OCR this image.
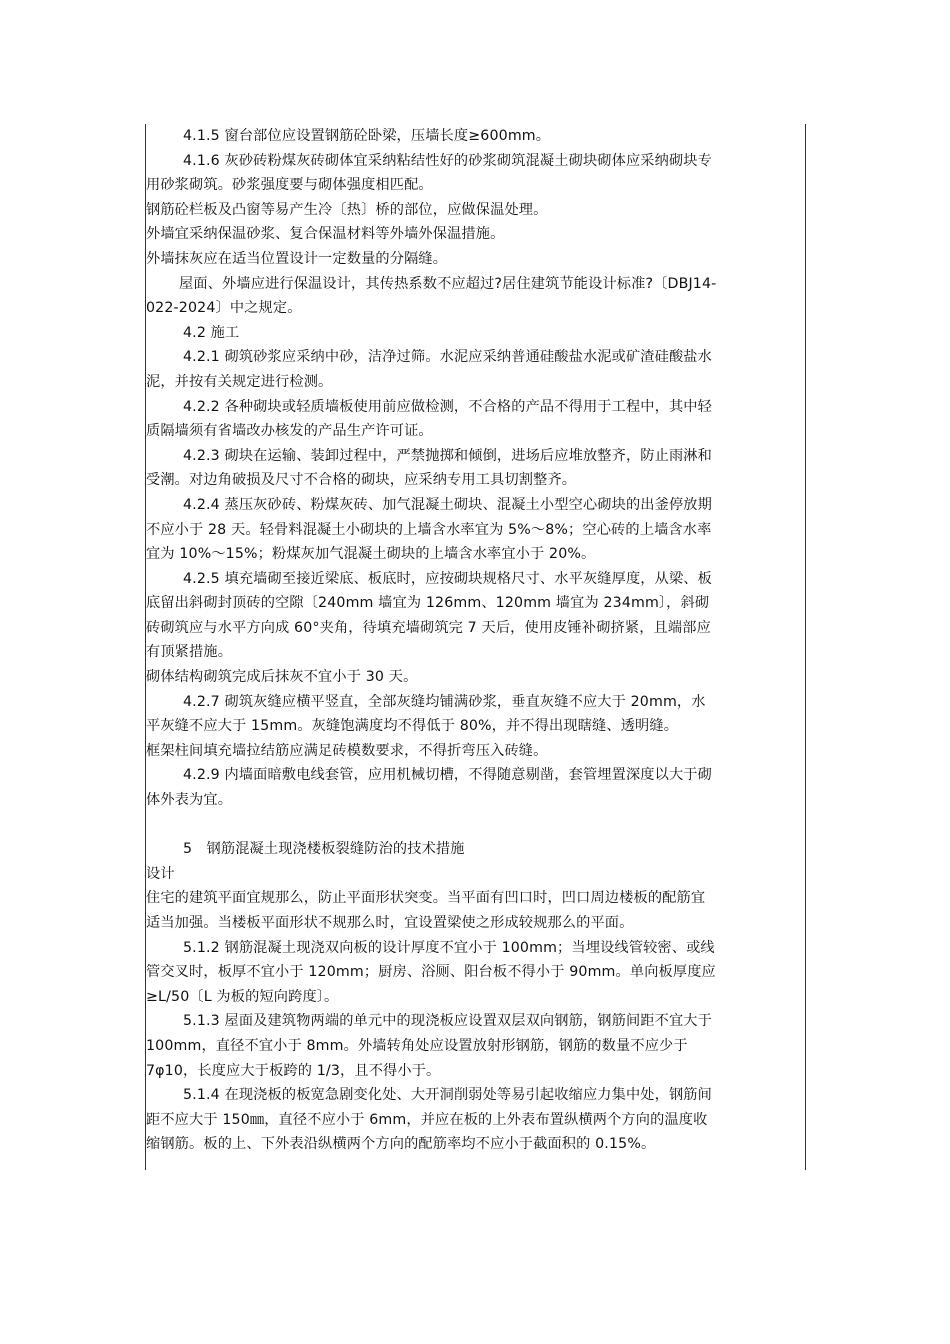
4.1.5 窗台部位应设置钢筋砼卧梁，压墙长度≥600mm。
4.1.6 灰砂砖粉煤灰砖砌体宜采纳粘结性好的砂浆砌筑混凝土砌块砌体应采纳砌块专
用砂浆砌筑。砂浆强度要与砌体强度相匹配。
钢筋砼栏板及凸窗等易产生冷〔热〕桥的部位，应做保温处理。
外墙宜采纳保温砂浆、复合保温材料等外墙外保温措施。
外墙抹灰应在适当位置设计一定数量的分隔缝。
屋面、外墙应进行保温设计，其传热系数不应超过?居住建筑节能设计标准?〔DBJ14-
022-2024〕中之规定。
4.2 施工
4.2.1 砌筑砂浆应采纳中砂，洁净过筛。水泥应采纳普通硅酸盐水泥或矿渣硅酸盐水
泥，并按有关规定进行检测。
4.2.2 各种砌块或轻质墙板使用前应做检测，不合格的产品不得用于工程中，其中轻
质隔墙须有省墙改办核发的产品生产许可证。
4.2.3 砌块在运输、装卸过程中，严禁抛掷和倾倒，进场后应堆放整齐，防止雨淋和
受潮。对边角破损及尺寸不合格的砌块，应采纳专用工具切割整齐。
4.2.4 蒸压灰砂砖、粉煤灰砖、加气混凝土砌块、混凝土小型空心砌块的出釜停放期
不应小于 28 天。轻骨料混凝土小砌块的上墙含水率宜为 5%～8%；空心砖的上墙含水率
宜为 10%～15%；粉煤灰加气混凝土砌块的上墙含水率宜小于 20%。
4.2.5 填充墙砌至接近梁底、板底时，应按砌块规格尺寸、水平灰缝厚度，从梁、板
底留出斜砌封顶砖的空隙〔240mm 墙宜为 126mm、120mm 墙宜为 234mm〕，斜砌
砖砌筑应与水平方向成 60°夹角，待填充墙砌筑完 7 天后，使用皮锤补砌挤紧，且端部应
有顶紧措施。
砌体结构砌筑完成后抹灰不宜小于 30 天。
4.2.7 砌筑灰缝应横平竖直，全部灰缝均铺满砂浆，垂直灰缝不应大于 20mm，水
平灰缝不应大于 15mm。灰缝饱满度均不得低于 80%，并不得出现瞎缝、透明缝。
框架柱间填充墙拉结筋应满足砖模数要求，不得折弯压入砖缝。
4.2.9 内墙面暗敷电线套管，应用机械切槽，不得随意剔凿，套管埋置深度以大于砌
体外表为宜。
5　钢筋混凝土现浇楼板裂缝防治的技术措施
设计
住宅的建筑平面宜规那么，防止平面形状突变。当平面有凹口时，凹口周边楼板的配筋宜
适当加强。当楼板平面形状不规那么时，宜设置梁使之形成较规那么的平面。
5.1.2 钢筋混凝土现浇双向板的设计厚度不宜小于 100mm；当埋设线管较密、或线
管交叉时，板厚不宜小于 120mm；厨房、浴厕、阳台板不得小于 90mm。单向板厚度应
≥L/50〔L 为板的短向跨度〕。
5.1.3 屋面及建筑物两端的单元中的现浇板应设置双层双向钢筋，钢筋间距不宜大于
100mm，直径不宜小于 8mm。外墙转角处应设置放射形钢筋，钢筋的数量不应少于
7φ10，长度应大于板跨的 1/3，且不得小于。
5.1.4 在现浇板的板宽急剧变化处、大开洞削弱处等易引起收缩应力集中处，钢筋间
距不应大于 150㎜，直径不应小于 6mm，并应在板的上外表布置纵横两个方向的温度收
缩钢筋。板的上、下外表沿纵横两个方向的配筋率均不应小于截面积的 0.15%。
